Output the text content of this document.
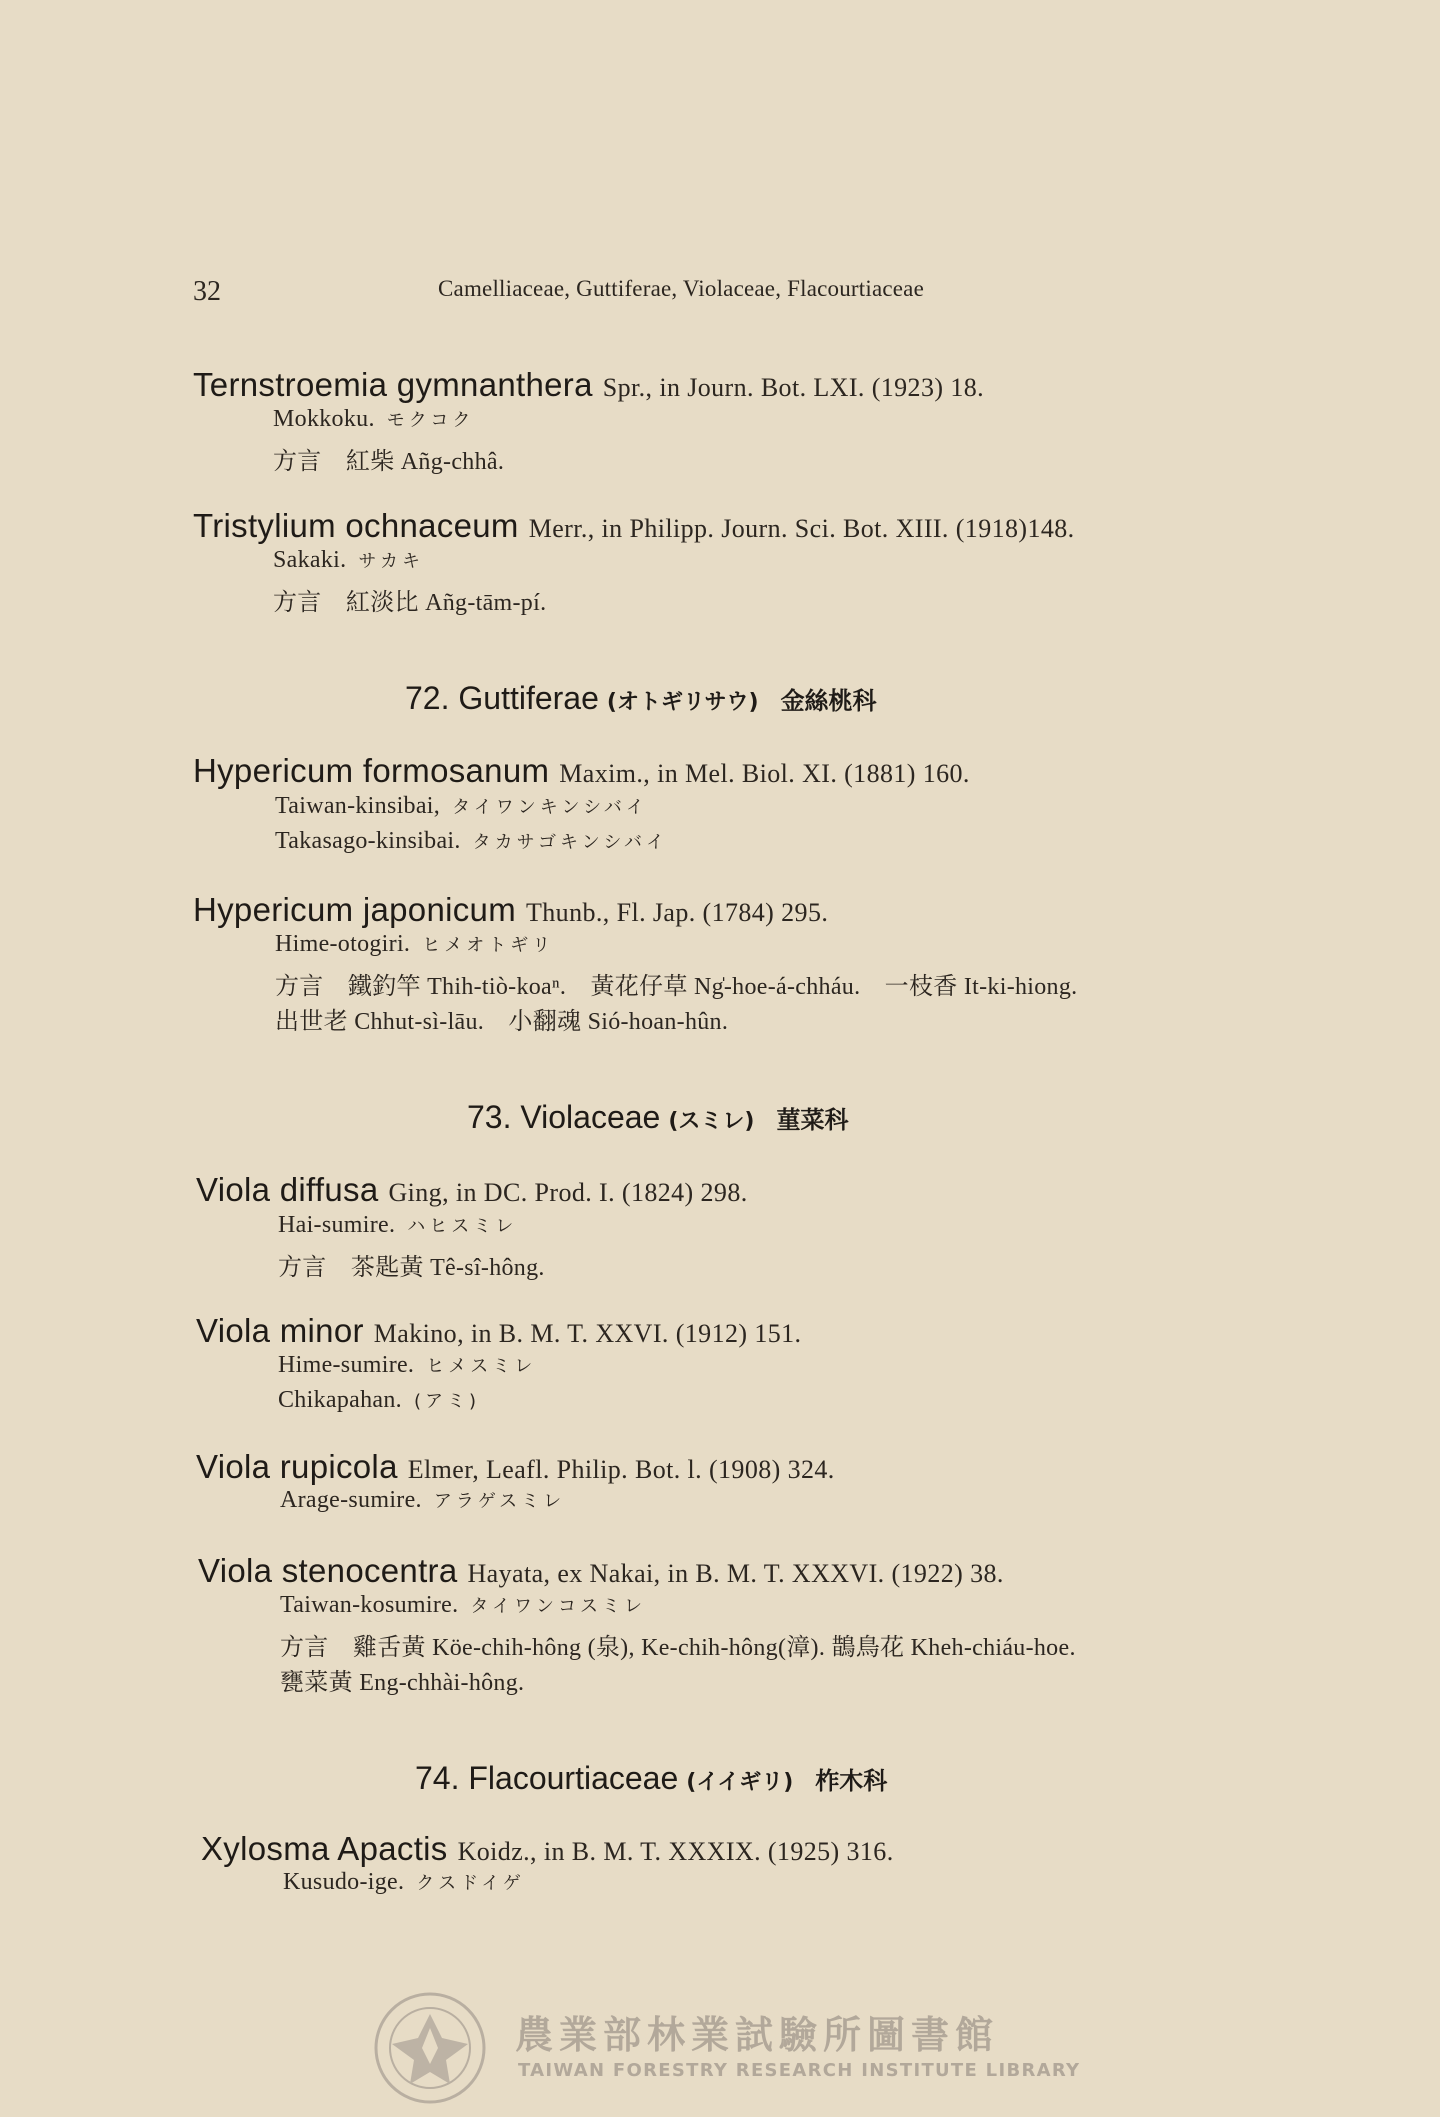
32	Camelliaceae, Guttiferae, Violaceae, Flacourtiaceae
Ternstroemia gymnanthera Spr., in Journ. Bot. LXI. (1923) 18.
Mokkoku. モクコク
方言　紅柴 Añg-chhâ.
Tristylium ochnaceum Merr., in Philipp. Journ. Sci. Bot. XIII. (1918)148.
Sakaki. サカキ
方言　紅淡比 Añg-tām-pí.
72. Guttiferae (オトギリサウ) 金絲桃科
Hypericum formosanum Maxim., in Mel. Biol. XI. (1881) 160.
Taiwan-kinsibai, タイワンキンシバイ
Takasago-kinsibai. タカサゴキンシバイ
Hypericum japonicum Thunb., Fl. Jap. (1784) 295.
Hime-otogiri. ヒメオトギリ
方言　鐵釣竿 Thih-tiò-koaⁿ.　黃花仔草 Ng̍-hoe-á-chháu.　一枝香 It-ki-hiong.
出世老 Chhut-sì-lāu.　小翻魂 Sió-hoan-hûn.
73. Violaceae (スミレ) 菫菜科
Viola diffusa Ging, in DC. Prod. I. (1824) 298.
Hai-sumire. ハヒスミレ
方言　茶匙黃 Tê-sî-hông.
Viola minor Makino, in B. M. T. XXVI. (1912) 151.
Hime-sumire. ヒメスミレ
Chikapahan. (アミ)
Viola rupicola Elmer, Leafl. Philip. Bot. l. (1908) 324.
Arage-sumire. アラゲスミレ
Viola stenocentra Hayata, ex Nakai, in B. M. T. XXXVI. (1922) 38.
Taiwan-kosumire. タイワンコスミレ
方言　雞舌黃 Köe-chih-hông (泉), Ke-chih-hông(漳). 鵲鳥花 Kheh-chiáu-hoe.
甕菜黃 Eng-chhài-hông.
74. Flacourtiaceae (イイギリ) 柞木科
Xylosma Apactis Koidz., in B. M. T. XXXIX. (1925) 316.
Kusudo-ige. クスドイゲ
農業部林業試驗所圖書館
TAIWAN FORESTRY RESEARCH INSTITUTE LIBRARY
